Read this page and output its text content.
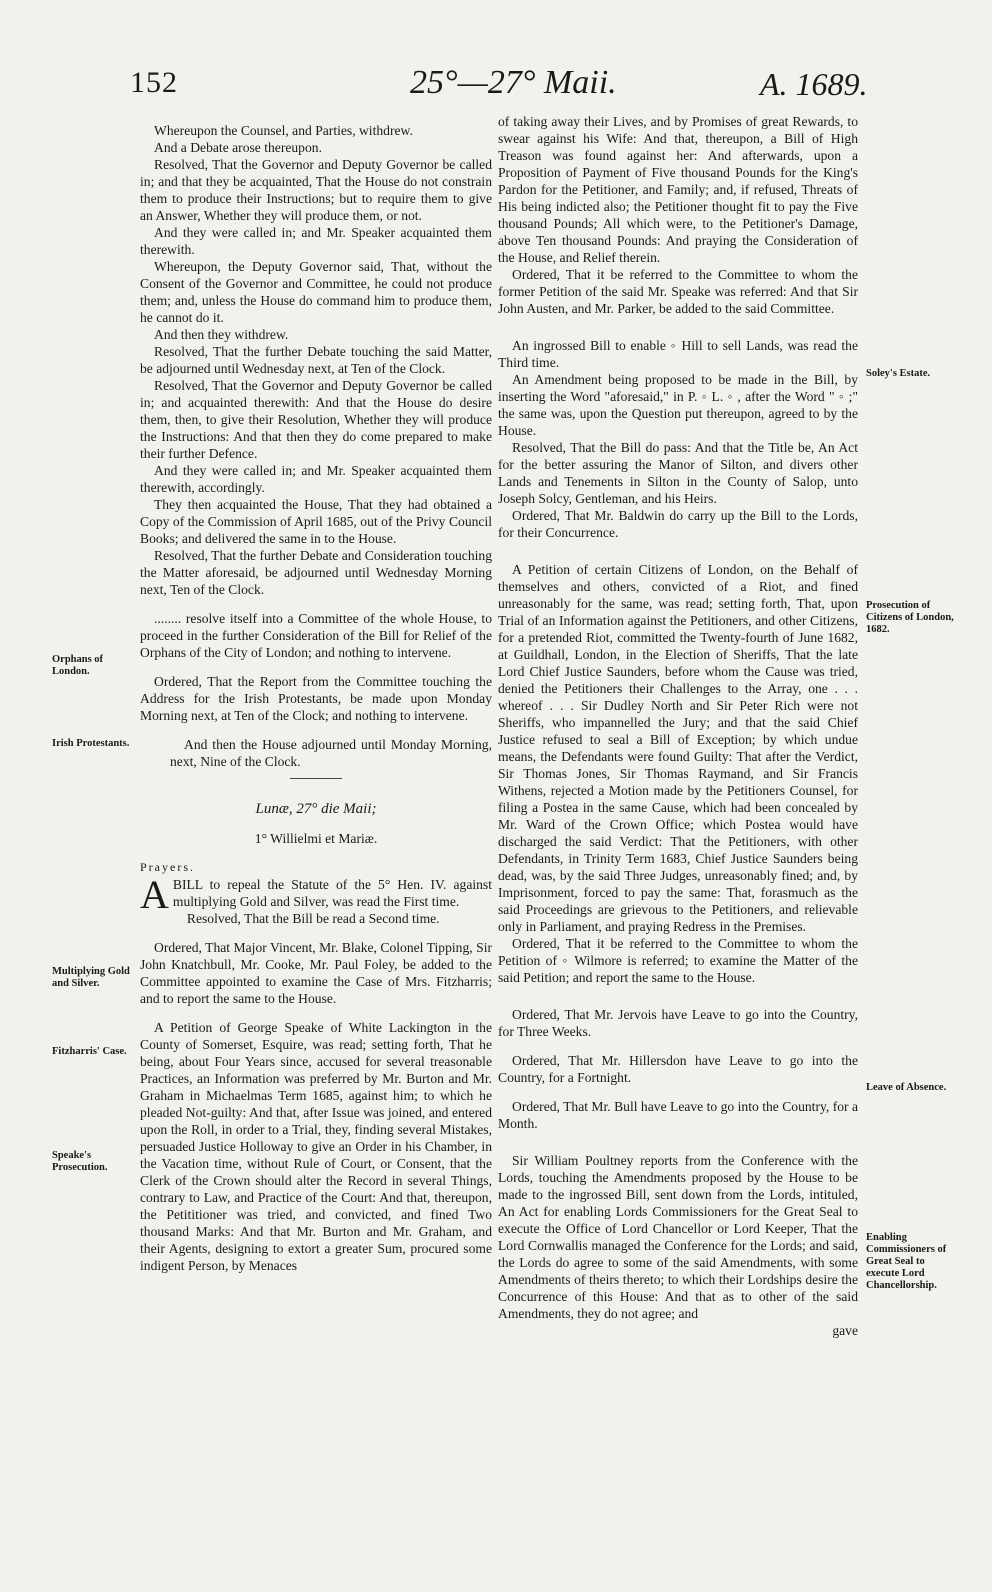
152	25°—27° Maii.	A. 1689.

Whereupon the Counsel, and Parties, withdrew.

And a Debate arose thereupon.

Resolved, That the Governor and Deputy Governor be called in; and that they be acquainted, That the House do not constrain them to produce their Instructions; but to require them to give an Answer, Whether they will produce them, or not.

And they were called in; and Mr. Speaker acquainted them therewith.

Whereupon, the Deputy Governor said, That, without the Consent of the Governor and Committee, he could not produce them; and, unless the House do command him to produce them, he cannot do it.

And then they withdrew.

Resolved, That the further Debate touching the said Matter, be adjourned until Wednesday next, at Ten of the Clock.

Resolved, That the Governor and Deputy Governor be called in; and acquainted therewith: And that the House do desire them, then, to give their Resolution, Whether they will produce the Instructions: And that then they do come prepared to make their further Defence.

And they were called in; and Mr. Speaker acquainted them therewith, accordingly.

They then acquainted the House, That they had obtained a Copy of the Commission of April 1685, out of the Privy Council Books; and delivered the same in to the House.

Resolved, That the further Debate and Consideration touching the Matter aforesaid, be adjourned until Wednesday Morning next, Ten of the Clock.

........ resolve itself into a Committee of the whole House, to proceed in the further Consideration of the Bill for Relief of the Orphans of the City of London; and nothing to intervene.

Ordered, That the Report from the Committee touching the Address for the Irish Protestants, be made upon Monday Morning next, at Ten of the Clock; and nothing to intervene.

And then the House adjourned until Monday Morning, next, Nine of the Clock.

Lunæ, 27° die Maii;

1° Willielmi et Mariæ.

Prayers.

ABILL to repeal the Statute of the 5° Hen. IV. against multiplying Gold and Silver, was read the First time.

Resolved, That the Bill be read a Second time.

Ordered, That Major Vincent, Mr. Blake, Colonel Tipping, Sir John Knatchbull, Mr. Cooke, Mr. Paul Foley, be added to the Committee appointed to examine the Case of Mrs. Fitzharris; and to report the same to the House.

A Petition of George Speake of White Lackington in the County of Somerset, Esquire, was read; setting forth, That he being, about Four Years since, accused for several treasonable Practices, an Information was preferred by Mr. Burton and Mr. Graham in Michaelmas Term 1685, against him; to which he pleaded Not-guilty: And that, after Issue was joined, and entered upon the Roll, in order to a Trial, they, finding several Mistakes, persuaded Justice Holloway to give an Order in his Chamber, in the Vacation time, without Rule of Court, or Consent, that the Clerk of the Crown should alter the Record in several Things, contrary to Law, and Practice of the Court: And that, thereupon, the Petititioner was tried, and convicted, and fined Two thousand Marks: And that Mr. Burton and Mr. Graham, and their Agents, designing to extort a greater Sum, procured some indigent Person, by Menaces

of taking away their Lives, and by Promises of great Rewards, to swear against his Wife: And that, thereupon, a Bill of High Treason was found against her: And afterwards, upon a Proposition of Payment of Five thousand Pounds for the King's Pardon for the Petitioner, and Family; and, if refused, Threats of His being indicted also; the Petitioner thought fit to pay the Five thousand Pounds; All which were, to the Petitioner's Damage, above Ten thousand Pounds: And praying the Consideration of the House, and Relief therein.

Ordered, That it be referred to the Committee to whom the former Petition of the said Mr. Speake was referred: And that Sir John Austen, and Mr. Parker, be added to the said Committee.

An ingrossed Bill to enable ◦ Hill to sell Lands, was read the Third time.

An Amendment being proposed to be made in the Bill, by inserting the Word "aforesaid," in P. ◦ L. ◦ , after the Word " ◦ ;" the same was, upon the Question put thereupon, agreed to by the House.

Resolved, That the Bill do pass: And that the Title be, An Act for the better assuring the Manor of Silton, and divers other Lands and Tenements in Silton in the County of Salop, unto Joseph Solcy, Gentleman, and his Heirs.

Ordered, That Mr. Baldwin do carry up the Bill to the Lords, for their Concurrence.

A Petition of certain Citizens of London, on the Behalf of themselves and others, convicted of a Riot, and fined unreasonably for the same, was read; setting forth, That, upon Trial of an Information against the Petitioners, and other Citizens, for a pretended Riot, committed the Twenty-fourth of June 1682, at Guildhall, London, in the Election of Sheriffs, That the late Lord Chief Justice Saunders, before whom the Cause was tried, denied the Petitioners their Challenges to the Array, one . . . whereof . . . Sir Dudley North and Sir Peter Rich were not Sheriffs, who impannelled the Jury; and that the said Chief Justice refused to seal a Bill of Exception; by which undue means, the Defendants were found Guilty: That after the Verdict, Sir Thomas Jones, Sir Thomas Raymand, and Sir Francis Withens, rejected a Motion made by the Petitioners Counsel, for filing a Postea in the same Cause, which had been concealed by Mr. Ward of the Crown Office; which Postea would have discharged the said Verdict: That the Petitioners, with other Defendants, in Trinity Term 1683, Chief Justice Saunders being dead, was, by the said Three Judges, unreasonably fined; and, by Imprisonment, forced to pay the same: That, forasmuch as the said Proceedings are grievous to the Petitioners, and relievable only in Parliament, and praying Redress in the Premises.

Ordered, That it be referred to the Committee to whom the Petition of ◦ Wilmore is referred; to examine the Matter of the said Petition; and report the same to the House.

Ordered, That Mr. Jervois have Leave to go into the Country, for Three Weeks.

Ordered, That Mr. Hillersdon have Leave to go into the Country, for a Fortnight.

Ordered, That Mr. Bull have Leave to go into the Country, for a Month.

Sir William Poultney reports from the Conference with the Lords, touching the Amendments proposed by the House to be made to the ingrossed Bill, sent down from the Lords, intituled, An Act for enabling Lords Commissioners for the Great Seal to execute the Office of Lord Chancellor or Lord Keeper, That the Lord Cornwallis managed the Conference for the Lords; and said, the Lords do agree to some of the said Amendments, with some Amendments of theirs thereto; to which their Lordships desire the Concurrence of this House: And that as to other of the said Amendments, they do not agree; and

gave

Orphans of London.
Irish Protestants.
Multiplying Gold and Silver.
Fitzharris' Case.
Speake's Prosecution.
Soley's Estate.
Prosecution of Citizens of London, 1682.
Leave of Absence.
Enabling Commissioners of Great Seal to execute Lord Chancellorship.
